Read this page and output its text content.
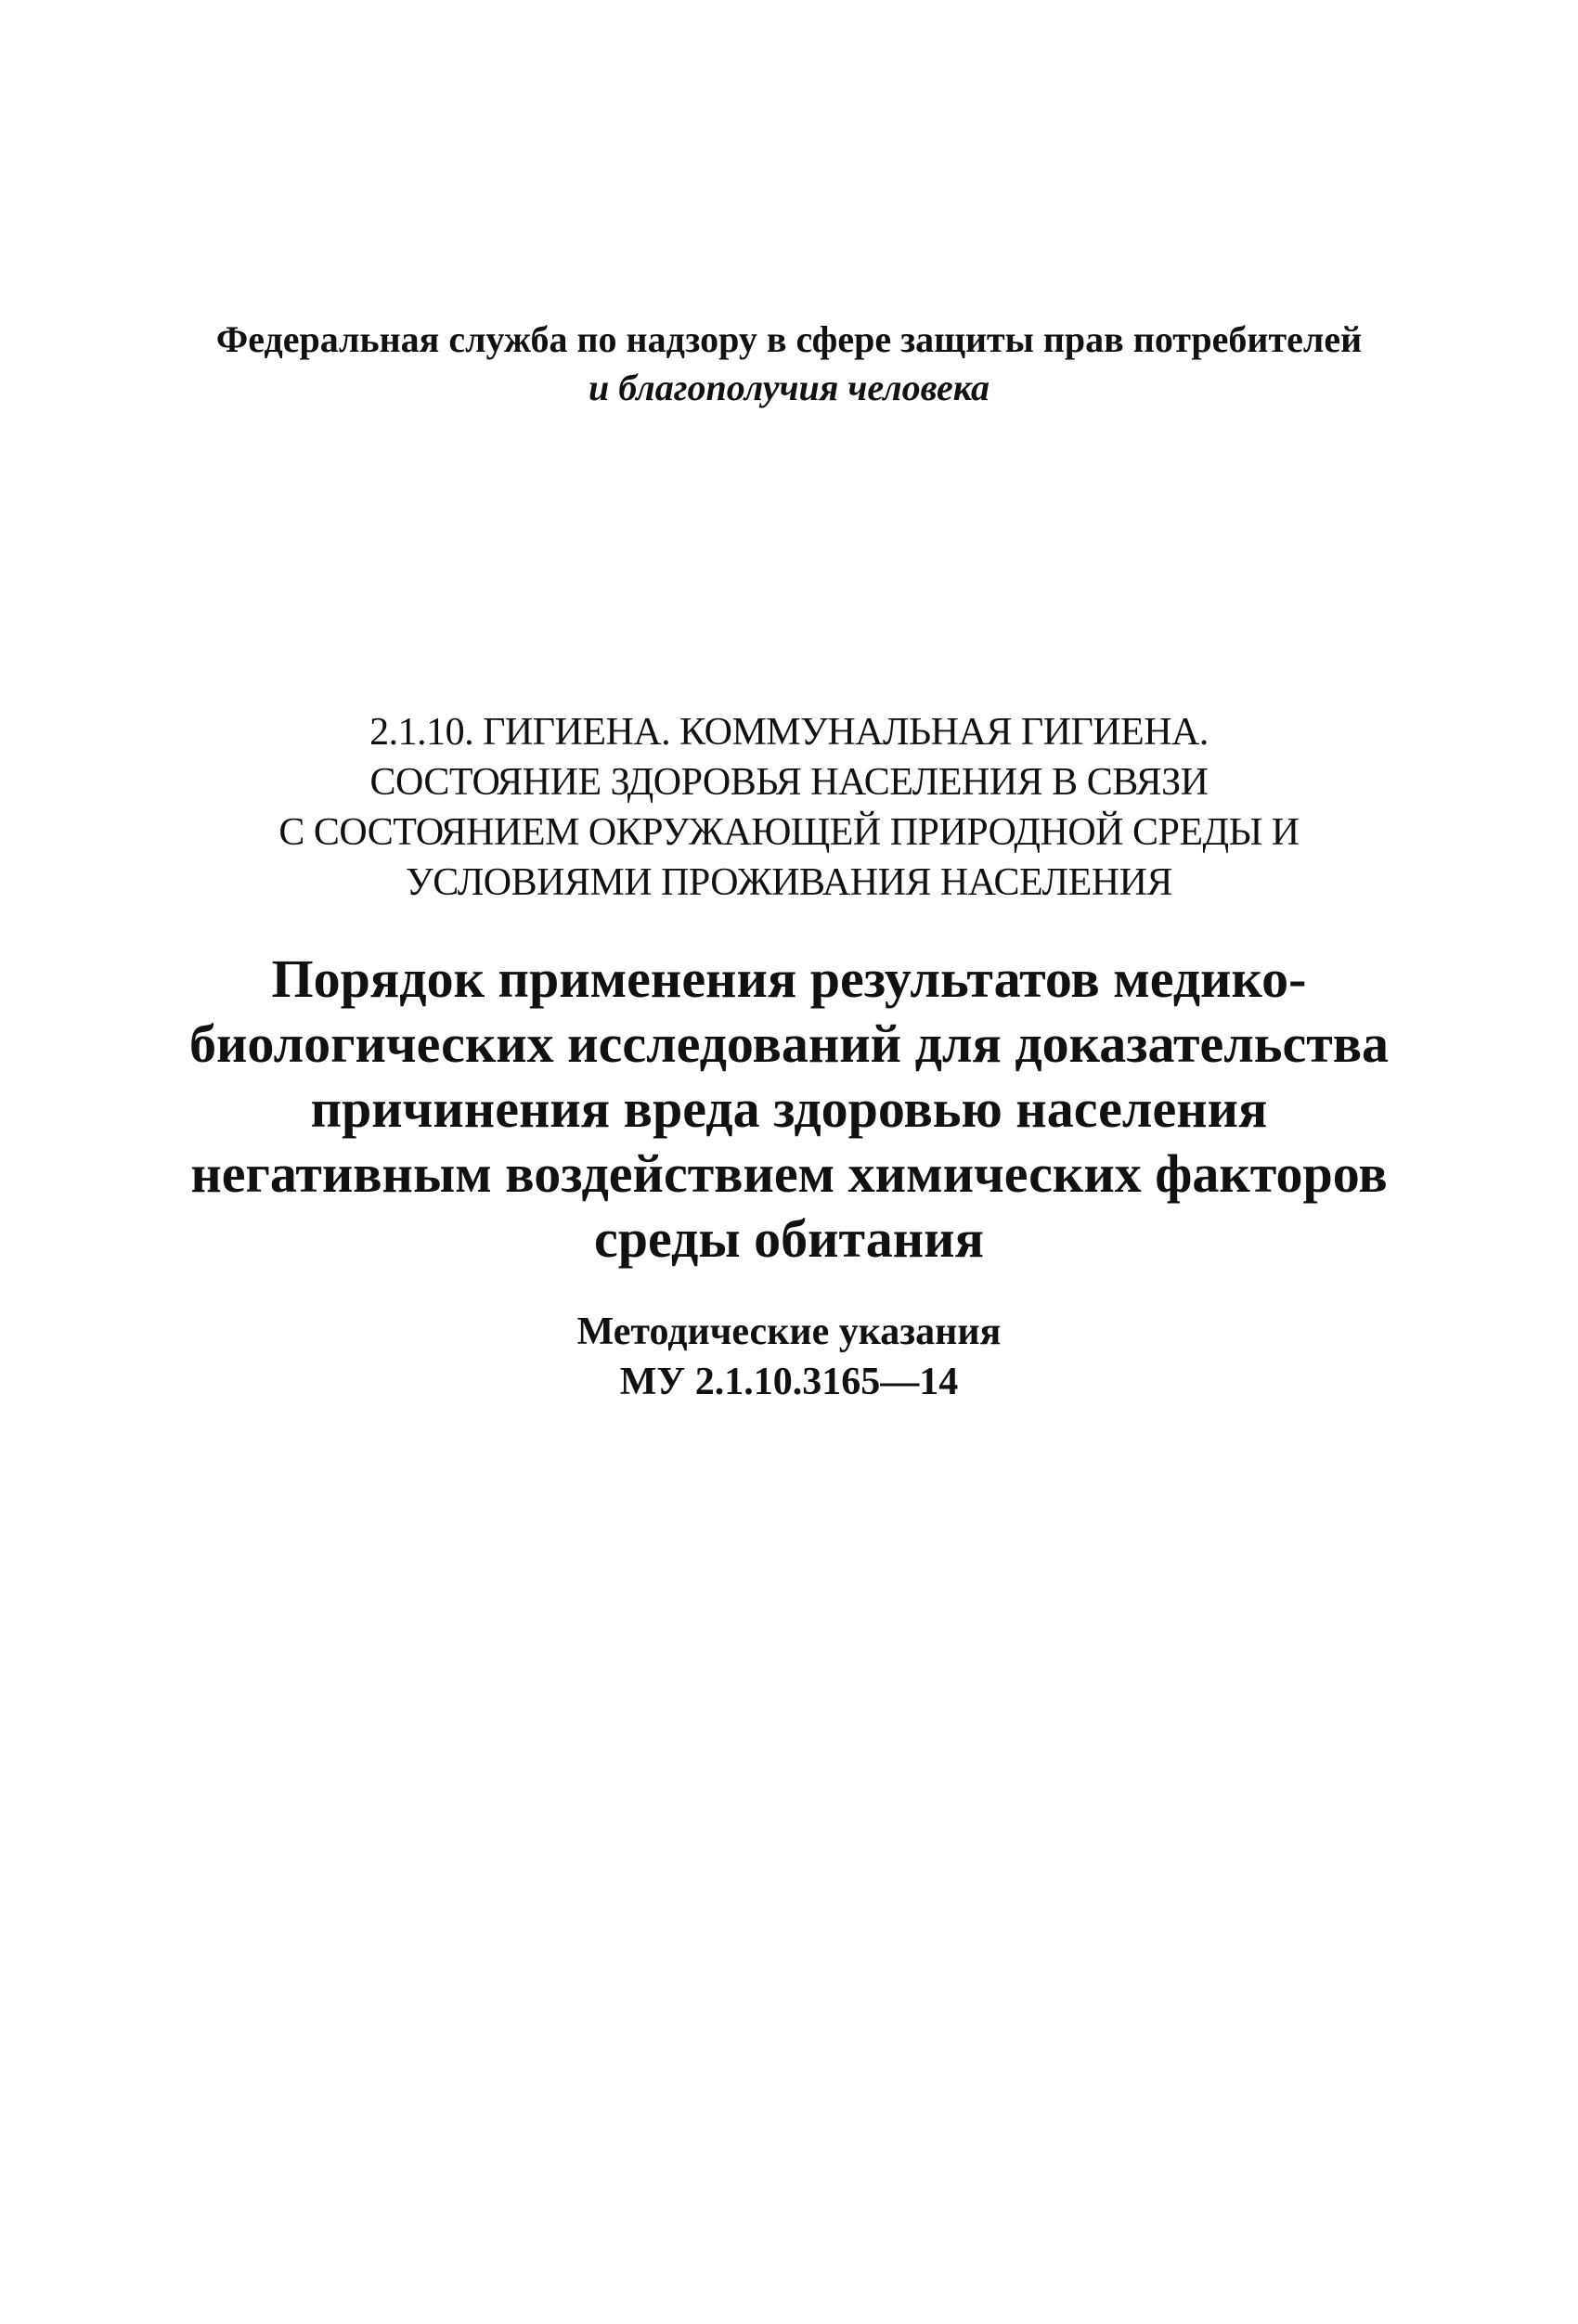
Федеральная служба по надзору в сфере защиты прав потребителей
и благополучия человека
2.1.10. ГИГИЕНА. КОММУНАЛЬНАЯ ГИГИЕНА.
СОСТОЯНИЕ ЗДОРОВЬЯ НАСЕЛЕНИЯ В СВЯЗИ
С СОСТОЯНИЕМ ОКРУЖАЮЩЕЙ ПРИРОДНОЙ СРЕДЫ И
УСЛОВИЯМИ ПРОЖИВАНИЯ НАСЕЛЕНИЯ
Порядок применения результатов медико-
биологических исследований для доказательства
причинения вреда здоровью населения
негативным воздействием химических факторов
среды обитания
Методические указания
МУ 2.1.10.3165—14
